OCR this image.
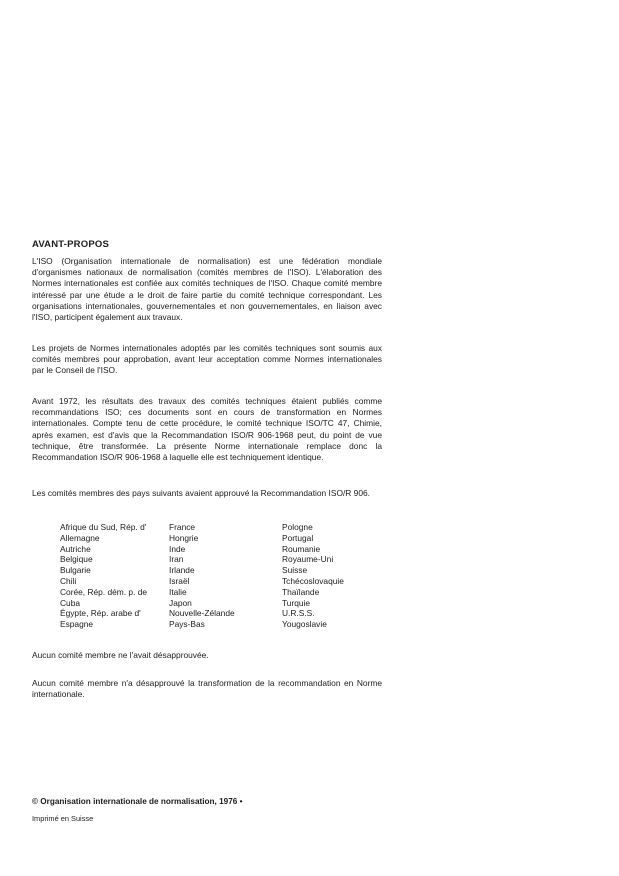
AVANT-PROPOS

L'ISO (Organisation internationale de normalisation) est une fédération mondiale d'organismes nationaux de normalisation (comités membres de l'ISO). L'élaboration des Normes internationales est confiée aux comités techniques de l'ISO. Chaque comité membre intéressé par une étude a le droit de faire partie du comité technique correspondant. Les organisations internationales, gouvernementales et non gouvernementales, en liaison avec l'ISO, participent également aux travaux.

Les projets de Normes internationales adoptés par les comités techniques sont soumis aux comités membres pour approbation, avant leur acceptation comme Normes internationales par le Conseil de l'ISO.

Avant 1972, les résultats des travaux des comités techniques étaient publiés comme recommandations ISO; ces documents sont en cours de transformation en Normes internationales. Compte tenu de cette procédure, le comité technique ISO/TC 47, Chimie, après examen, est d'avis que la Recommandation ISO/R 906-1968 peut, du point de vue technique, être transformée. La présente Norme internationale remplace donc la Recommandation ISO/R 906-1968 à laquelle elle est techniquement identique.

Les comités membres des pays suivants avaient approuvé la Recommandation ISO/R 906.

Afrique du Sud, Rép. d'
Allemagne
Autriche
Belgique
Bulgarie
Chili
Corée, Rép. dém. p. de
Cuba
Égypte, Rép. arabe d'
Espagne
France
Hongrie
Inde
Iran
Irlande
Israël
Italie
Japon
Nouvelle-Zélande
Pays-Bas
Pologne
Portugal
Roumanie
Royaume-Uni
Suisse
Tchécoslovaquie
Thaïlande
Turquie
U.R.S.S.
Yougoslavie

Aucun comité membre ne l'avait désapprouvée.

Aucun comité membre n'a désapprouvé la transformation de la recommandation en Norme internationale.

© Organisation internationale de normalisation, 1976 •
Imprimé en Suisse
